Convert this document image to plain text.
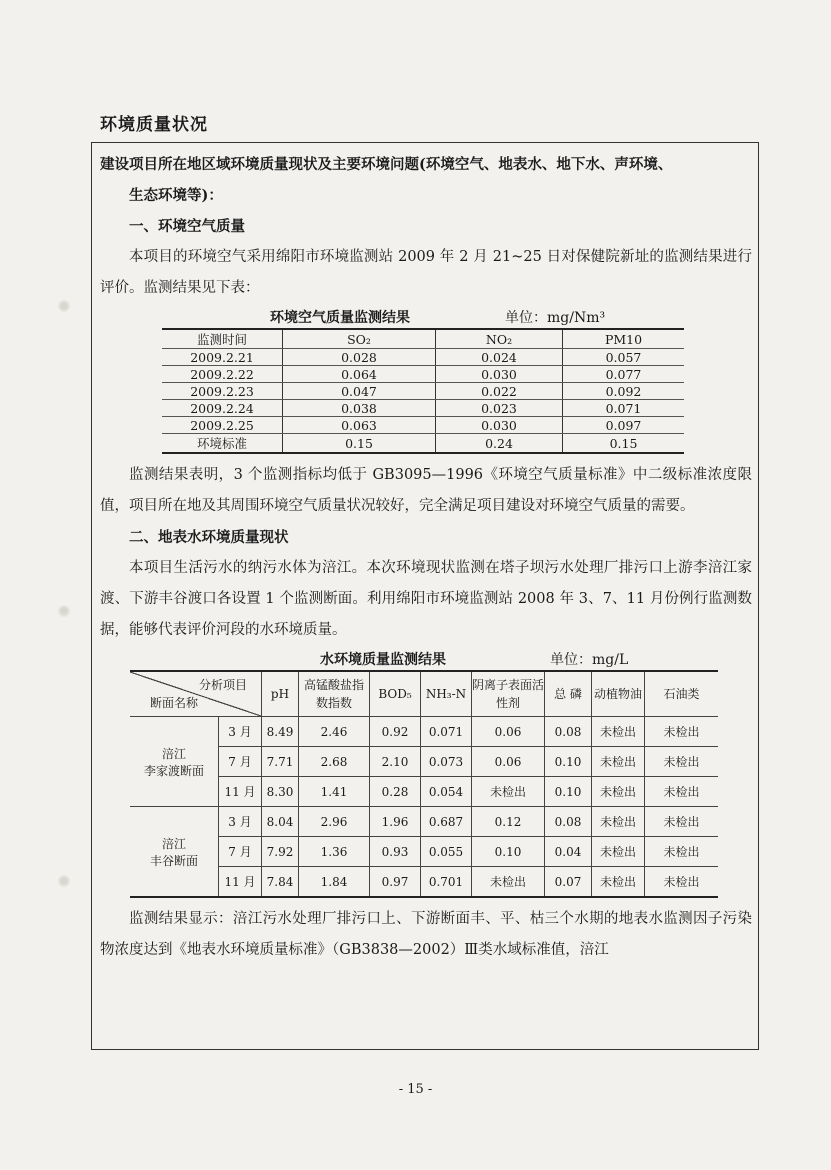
环境质量状况

建设项目所在地区域环境质量现状及主要环境问题(环境空气、地表水、地下水、声环境、

生态环境等)：

一、环境空气质量

本项目的环境空气采用绵阳市环境监测站 2009 年 2 月 21~25 日对保健院新址的监测结果进行评价。监测结果见下表：

环境空气质量监测结果	单位：mg/Nm³
监测时间	SO₂	NO₂	PM10
2009.2.21	0.028	0.024	0.057
2009.2.22	0.064	0.030	0.077
2009.2.23	0.047	0.022	0.092
2009.2.24	0.038	0.023	0.071
2009.2.25	0.063	0.030	0.097
环境标准	0.15	0.24	0.15

监测结果表明，3 个监测指标均低于 GB3095—1996《环境空气质量标准》中二级标准浓度限值，项目所在地及其周围环境空气质量状况较好，完全满足项目建设对环境空气质量的需要。

二、地表水环境质量现状

本项目生活污水的纳污水体为涪江。本次环境现状监测在塔子坝污水处理厂排污口上游李涪江家渡、下游丰谷渡口各设置 1 个监测断面。利用绵阳市环境监测站 2008 年 3、7、11 月份例行监测数据，能够代表评价河段的水环境质量。

水环境质量监测结果	单位：mg/L
分析项目
断面名称		pH	高锰酸盐指数指数	BOD₅	NH₃-N	阴离子表面活性剂	总 磷	动植物油	石油类

涪江
李家渡断面	3 月	8.49	2.46	0.92	0.071	0.06	0.08	未检出	未检出
	7 月	7.71	2.68	2.10	0.073	0.06	0.10	未检出	未检出
	11 月	8.30	1.41	0.28	0.054	未检出	0.10	未检出	未检出

涪江
丰谷断面	3 月	8.04	2.96	1.96	0.687	0.12	0.08	未检出	未检出
	7 月	7.92	1.36	0.93	0.055	0.10	0.04	未检出	未检出
	11 月	7.84	1.84	0.97	0.701	未检出	0.07	未检出	未检出

监测结果显示：涪江污水处理厂排污口上、下游断面丰、平、枯三个水期的地表水监测因子污染物浓度达到《地表水环境质量标准》（GB3838—2002）Ⅲ类水域标准值，涪江

- 15 -
